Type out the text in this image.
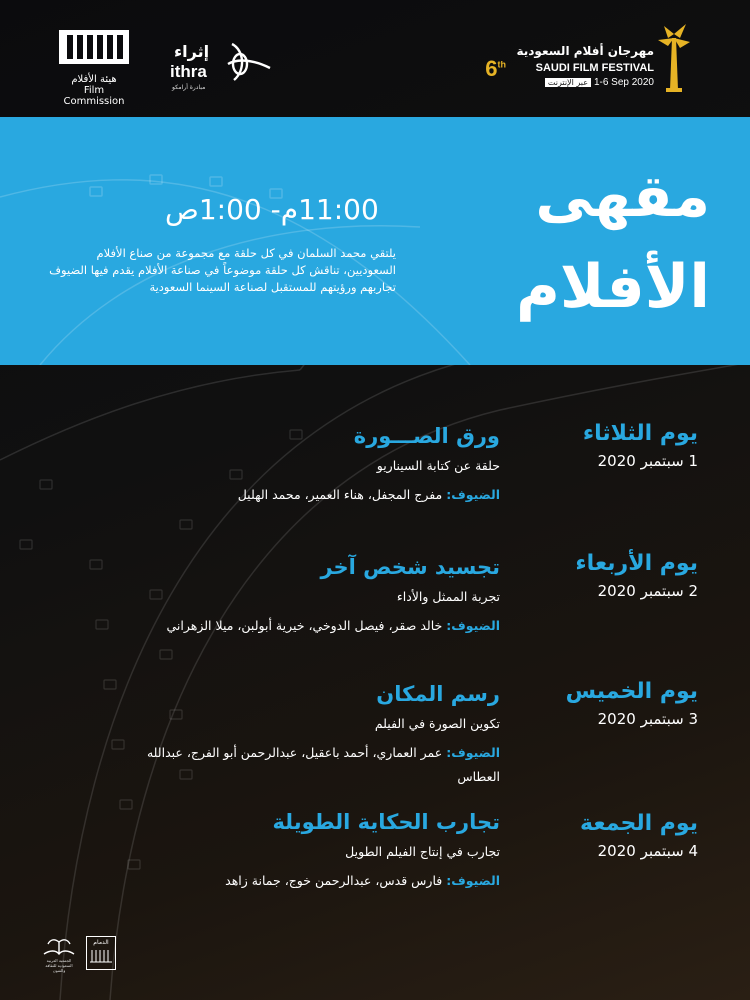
هيئة الأفلام
Film Commission
إثراء
ithra
مبادرة أرامكو
6th
مهرجان أفلام السعودية
SAUDI FILM FESTIVAL
عبر الإنترنت 1-6 Sep 2020
مقهى
الأفلام
11:00م- 1:00ص
يلتقي محمد السلمان في كل حلقة مع مجموعة من صناع الأفلام السعوديين، تناقش كل حلقة موضوعاً في صناعة الأفلام يقدم فيها الضيوف تجاربهم ورؤيتهم للمستقبل لصناعة السينما السعودية
يوم الثلاثاء
1 سبتمبر 2020
ورق الصـــورة
حلقة عن كتابة السيناريو
الضيوف: مفرج المجفل، هناء العمير، محمد الهليل
يوم الأربعاء
2 سبتمبر 2020
تجسيد شخص آخر
تجربة الممثل والأداء
الضيوف: خالد صقر، فيصل الدوخي، خيرية أبولبن، ميلا الزهراني
يوم الخميس
3 سبتمبر 2020
رسم المكان
تكوين الصورة في الفيلم
الضيوف: عمر العماري، أحمد باعقيل، عبدالرحمن أبو الفرج، عبدالله العطاس
يوم الجمعة
4 سبتمبر 2020
تجارب الحكاية الطويلة
تجارب في إنتاج الفيلم الطويل
الضيوف: فارس قدس، عبدالرحمن خوج، جمانة زاهد
الجمعية العربية السعودية للثقافة والفنون
الدمام
